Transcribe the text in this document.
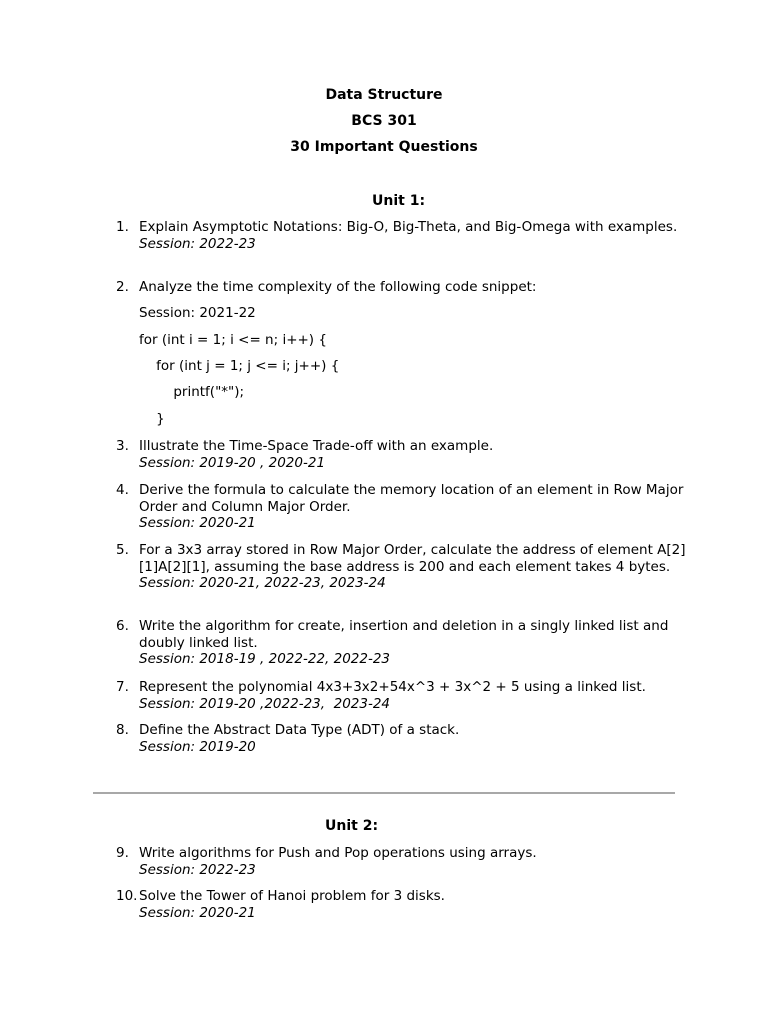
Data Structure
BCS 301
30 Important Questions
Unit 1:
1. Explain Asymptotic Notations: Big-O, Big-Theta, and Big-Omega with examples.
Session: 2022-23
2. Analyze the time complexity of the following code snippet:
Session: 2021-22
for (int i = 1; i <= n; i++) {
for (int j = 1; j <= i; j++) {
printf("*");
}
3. Illustrate the Time-Space Trade-off with an example.
Session: 2019-20 , 2020-21
4. Derive the formula to calculate the memory location of an element in Row Major Order and Column Major Order.
Session: 2020-21
5. For a 3x3 array stored in Row Major Order, calculate the address of element A[2][1]A[2][1], assuming the base address is 200 and each element takes 4 bytes.
Session: 2020-21, 2022-23, 2023-24
6. Write the algorithm for create, insertion and deletion in a singly linked list and doubly linked list.
Session: 2018-19 , 2022-22, 2022-23
7. Represent the polynomial 4x3+3x2+54x^3 + 3x^2 + 5 using a linked list.
Session: 2019-20 ,2022-23,  2023-24
8. Define the Abstract Data Type (ADT) of a stack.
Session: 2019-20
Unit 2:
9. Write algorithms for Push and Pop operations using arrays.
Session: 2022-23
10. Solve the Tower of Hanoi problem for 3 disks.
Session: 2020-21
